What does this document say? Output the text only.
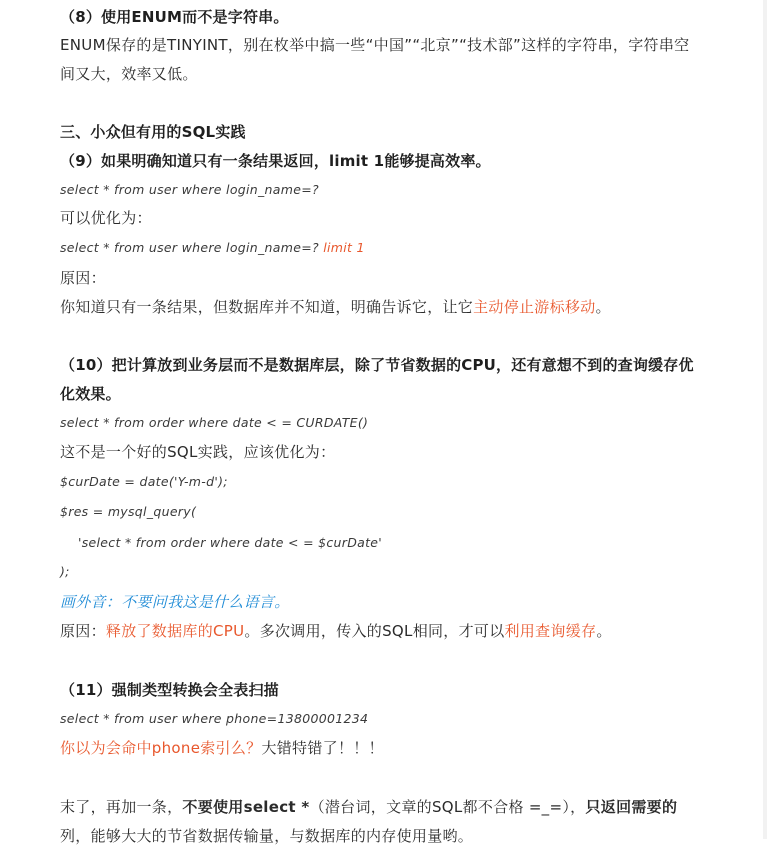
（8）使用ENUM而不是字符串。
ENUM保存的是TINYINT，别在枚举中搞一些“中国”“北京”“技术部”这样的字符串，字符串空
间又大，效率又低。
三、小众但有用的SQL实践
（9）如果明确知道只有一条结果返回，limit 1能够提高效率。
select * from user where login_name=?
可以优化为：
select * from user where login_name=? limit 1
原因：
你知道只有一条结果，但数据库并不知道，明确告诉它，让它主动停止游标移动。
（10）把计算放到业务层而不是数据库层，除了节省数据的CPU，还有意想不到的查询缓存优
化效果。
select * from order where date < = CURDATE()
这不是一个好的SQL实践，应该优化为：
$curDate = date('Y-m-d');
$res = mysql_query(
'select * from order where date < = $curDate'
);
画外音：不要问我这是什么语言。
原因：释放了数据库的CPU。多次调用，传入的SQL相同，才可以利用查询缓存。
（11）强制类型转换会全表扫描
select * from user where phone=13800001234
你以为会命中phone索引么？大错特错了！！！
末了，再加一条，不要使用select *（潜台词，文章的SQL都不合格 =_=），只返回需要的
列，能够大大的节省数据传输量，与数据库的内存使用量哟。
